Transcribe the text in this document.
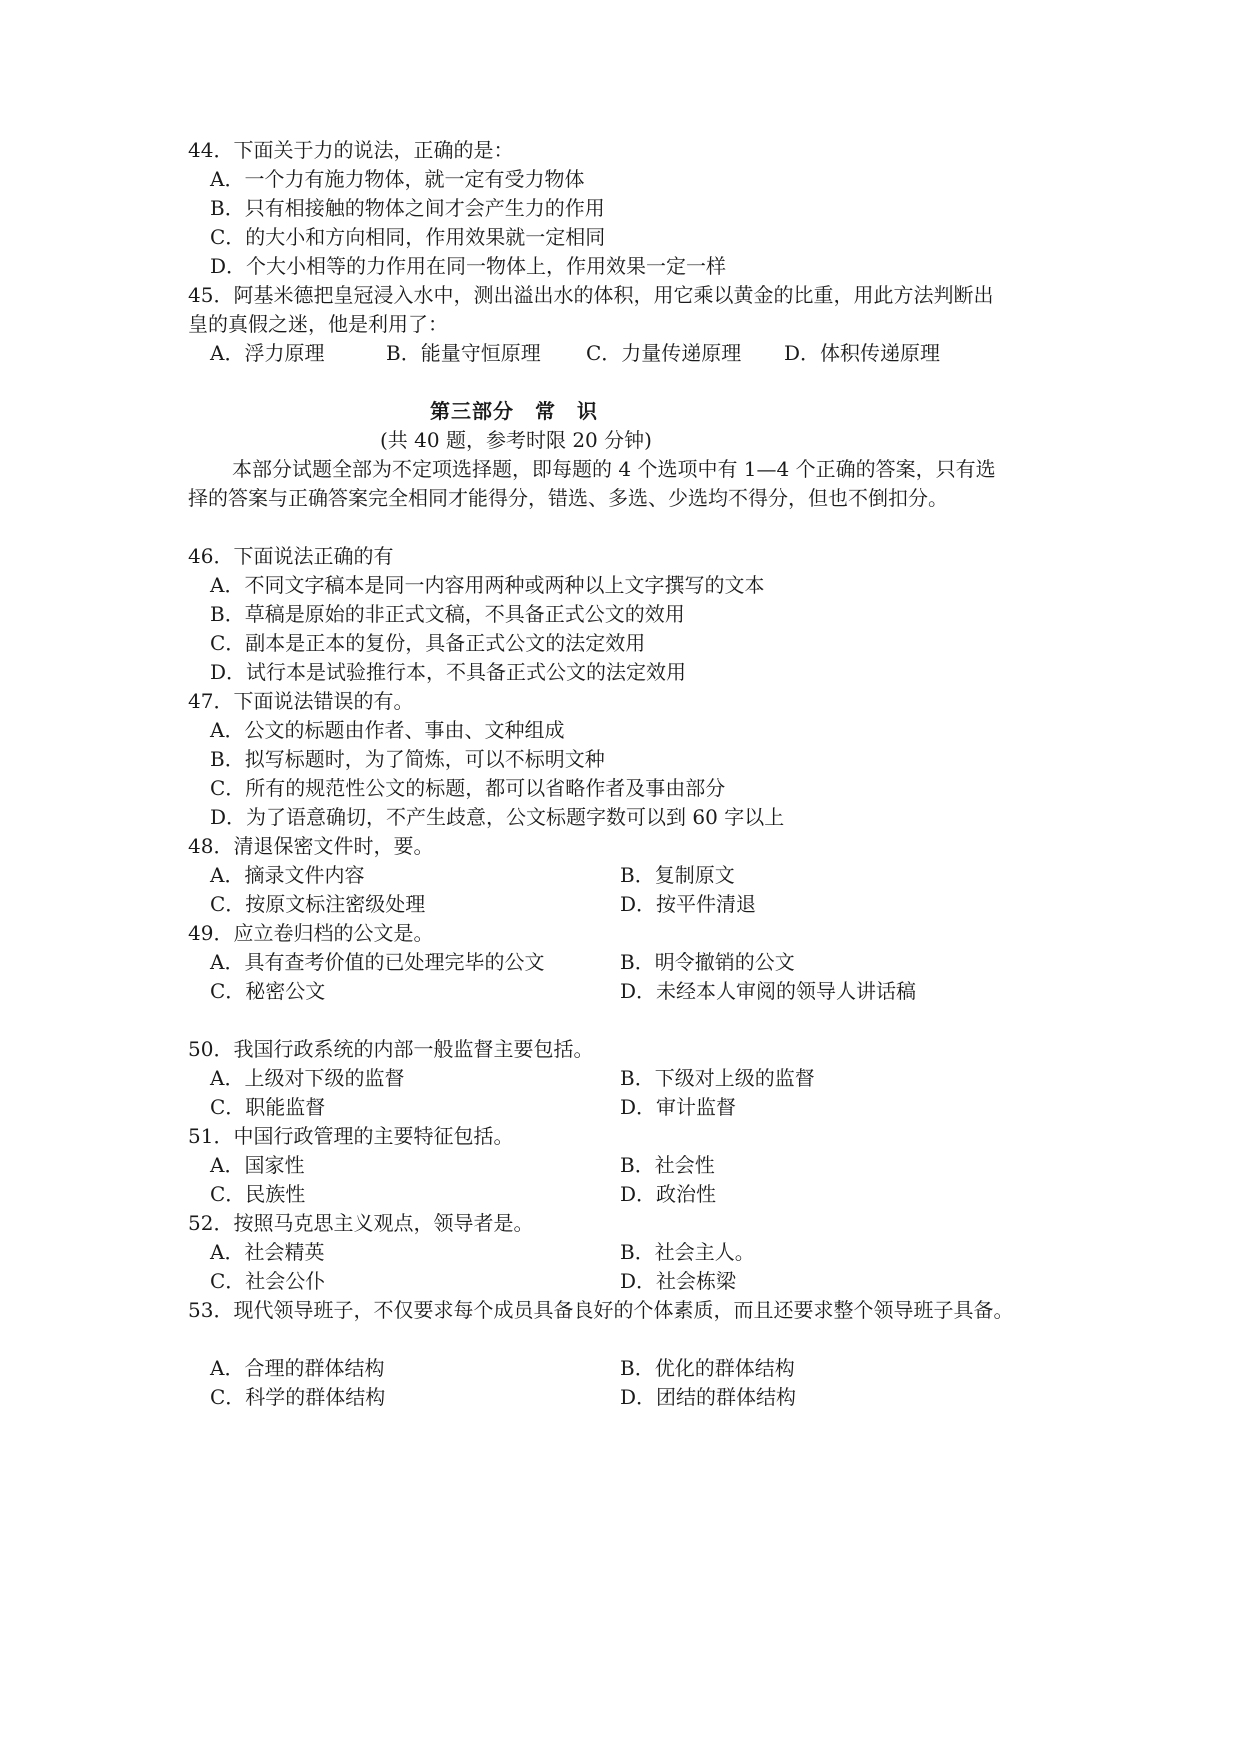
44．下面关于力的说法，正确的是：
A．一个力有施力物体，就一定有受力物体
B．只有相接触的物体之间才会产生力的作用
C．的大小和方向相同，作用效果就一定相同
D．个大小相等的力作用在同一物体上，作用效果一定一样
45．阿基米德把皇冠浸入水中，测出溢出水的体积，用它乘以黄金的比重，用此方法判断出
皇的真假之迷，他是利用了：
A．浮力原理	B．能量守恒原理 C．力量传递原理 D．体积传递原理
第三部分　常　识
(共 40 题，参考时限 20 分钟)
本部分试题全部为不定项选择题，即每题的 4 个选项中有 1—4 个正确的答案，只有选
择的答案与正确答案完全相同才能得分，错选、多选、少选均不得分，但也不倒扣分。
46．下面说法正确的有
A．不同文字稿本是同一内容用两种或两种以上文字撰写的文本
B．草稿是原始的非正式文稿，不具备正式公文的效用
C．副本是正本的复份，具备正式公文的法定效用
D．试行本是试验推行本，不具备正式公文的法定效用
47．下面说法错误的有。
A．公文的标题由作者、事由、文种组成
B．拟写标题时，为了简炼，可以不标明文种
C．所有的规范性公文的标题，都可以省略作者及事由部分
D．为了语意确切，不产生歧意，公文标题字数可以到 60 字以上
48．清退保密文件时，要。
A．摘录文件内容	B．复制原文
C．按原文标注密级处理	D．按平件清退
49．应立卷归档的公文是。
A．具有查考价值的已处理完毕的公文	B．明令撤销的公文
C．秘密公文	D．未经本人审阅的领导人讲话稿
50．我国行政系统的内部一般监督主要包括。
A．上级对下级的监督	B．下级对上级的监督
C．职能监督	D．审计监督
51．中国行政管理的主要特征包括。
A．国家性	B．社会性
C．民族性	D．政治性
52．按照马克思主义观点，领导者是。
A．社会精英	B．社会主人。
C．社会公仆	D．社会栋梁
53．现代领导班子，不仅要求每个成员具备良好的个体素质，而且还要求整个领导班子具备。
A．合理的群体结构	B．优化的群体结构
C．科学的群体结构	D．团结的群体结构
